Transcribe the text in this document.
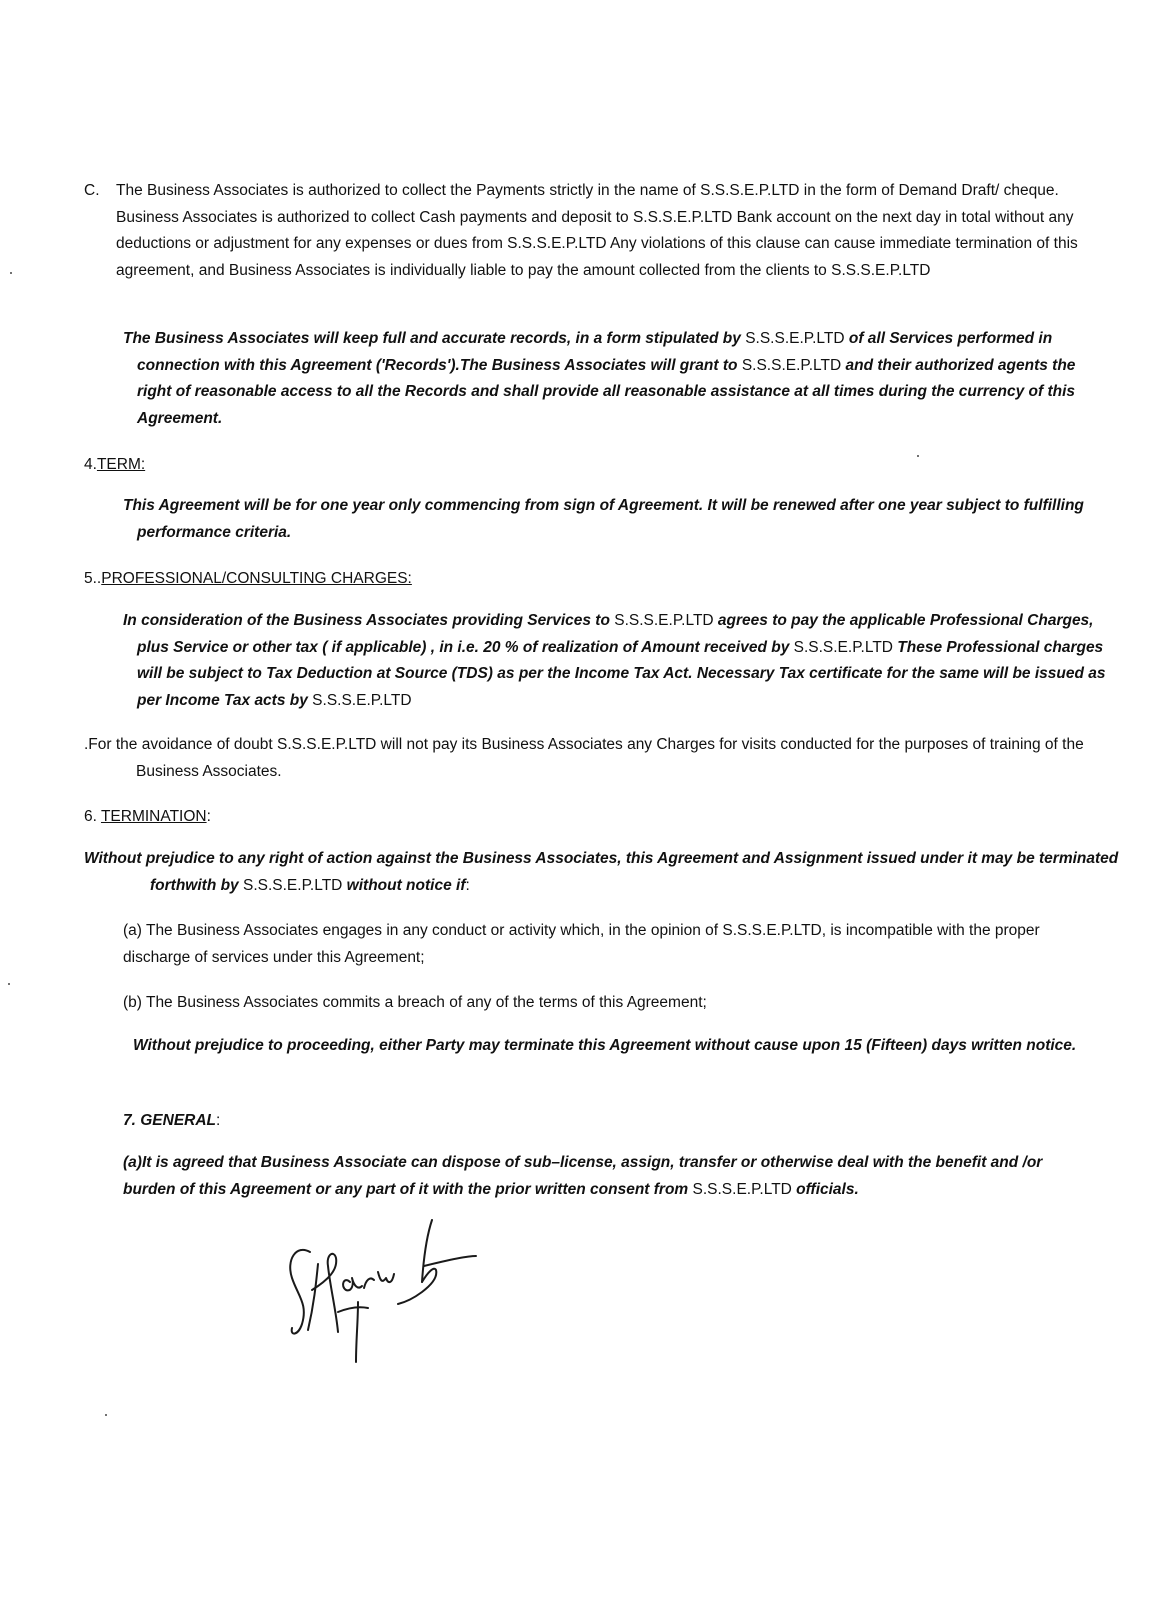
C. The Business Associates is authorized to collect the Payments strictly in the name of S.S.S.E.P.LTD in the form of Demand Draft/ cheque. Business Associates is authorized to collect Cash payments and deposit to S.S.S.E.P.LTD Bank account on the next day in total without any deductions or adjustment for any expenses or dues from S.S.S.E.P.LTD Any violations of this clause can cause immediate termination of this agreement, and Business Associates is individually liable to pay the amount collected from the clients to S.S.S.E.P.LTD

The Business Associates will keep full and accurate records, in a form stipulated by S.S.S.E.P.LTD of all Services performed in connection with this Agreement ('Records').The Business Associates will grant to S.S.S.E.P.LTD and their authorized agents the right of reasonable access to all the Records and shall provide all reasonable assistance at all times during the currency of this Agreement.

4.TERM:

This Agreement will be for one year only commencing from sign of Agreement. It will be renewed after one year subject to fulfilling performance criteria.

5..PROFESSIONAL/CONSULTING CHARGES:

In consideration of the Business Associates providing Services to S.S.S.E.P.LTD agrees to pay the applicable Professional Charges, plus Service or other tax ( if applicable) , in i.e. 20 % of realization of Amount received by S.S.S.E.P.LTD These Professional charges will be subject to Tax Deduction at Source (TDS) as per the Income Tax Act. Necessary Tax certificate for the same will be issued as per Income Tax acts by S.S.S.E.P.LTD

.For the avoidance of doubt S.S.S.E.P.LTD will not pay its Business Associates any Charges for visits conducted for the purposes of training of the Business Associates.

6. TERMINATION:

Without prejudice to any right of action against the Business Associates, this Agreement and Assignment issued under it may be terminated forthwith by S.S.S.E.P.LTD without notice if:

(a) The Business Associates engages in any conduct or activity which, in the opinion of S.S.S.E.P.LTD, is incompatible with the proper discharge of services under this Agreement;

(b) The Business Associates commits a breach of any of the terms of this Agreement;

Without prejudice to proceeding, either Party may terminate this Agreement without cause upon 15 (Fifteen) days written notice.

7. GENERAL:

(a)It is agreed that Business Associate can dispose of sub–license, assign, transfer or otherwise deal with the benefit and /or burden of this Agreement or any part of it with the prior written consent from S.S.S.E.P.LTD officials.
